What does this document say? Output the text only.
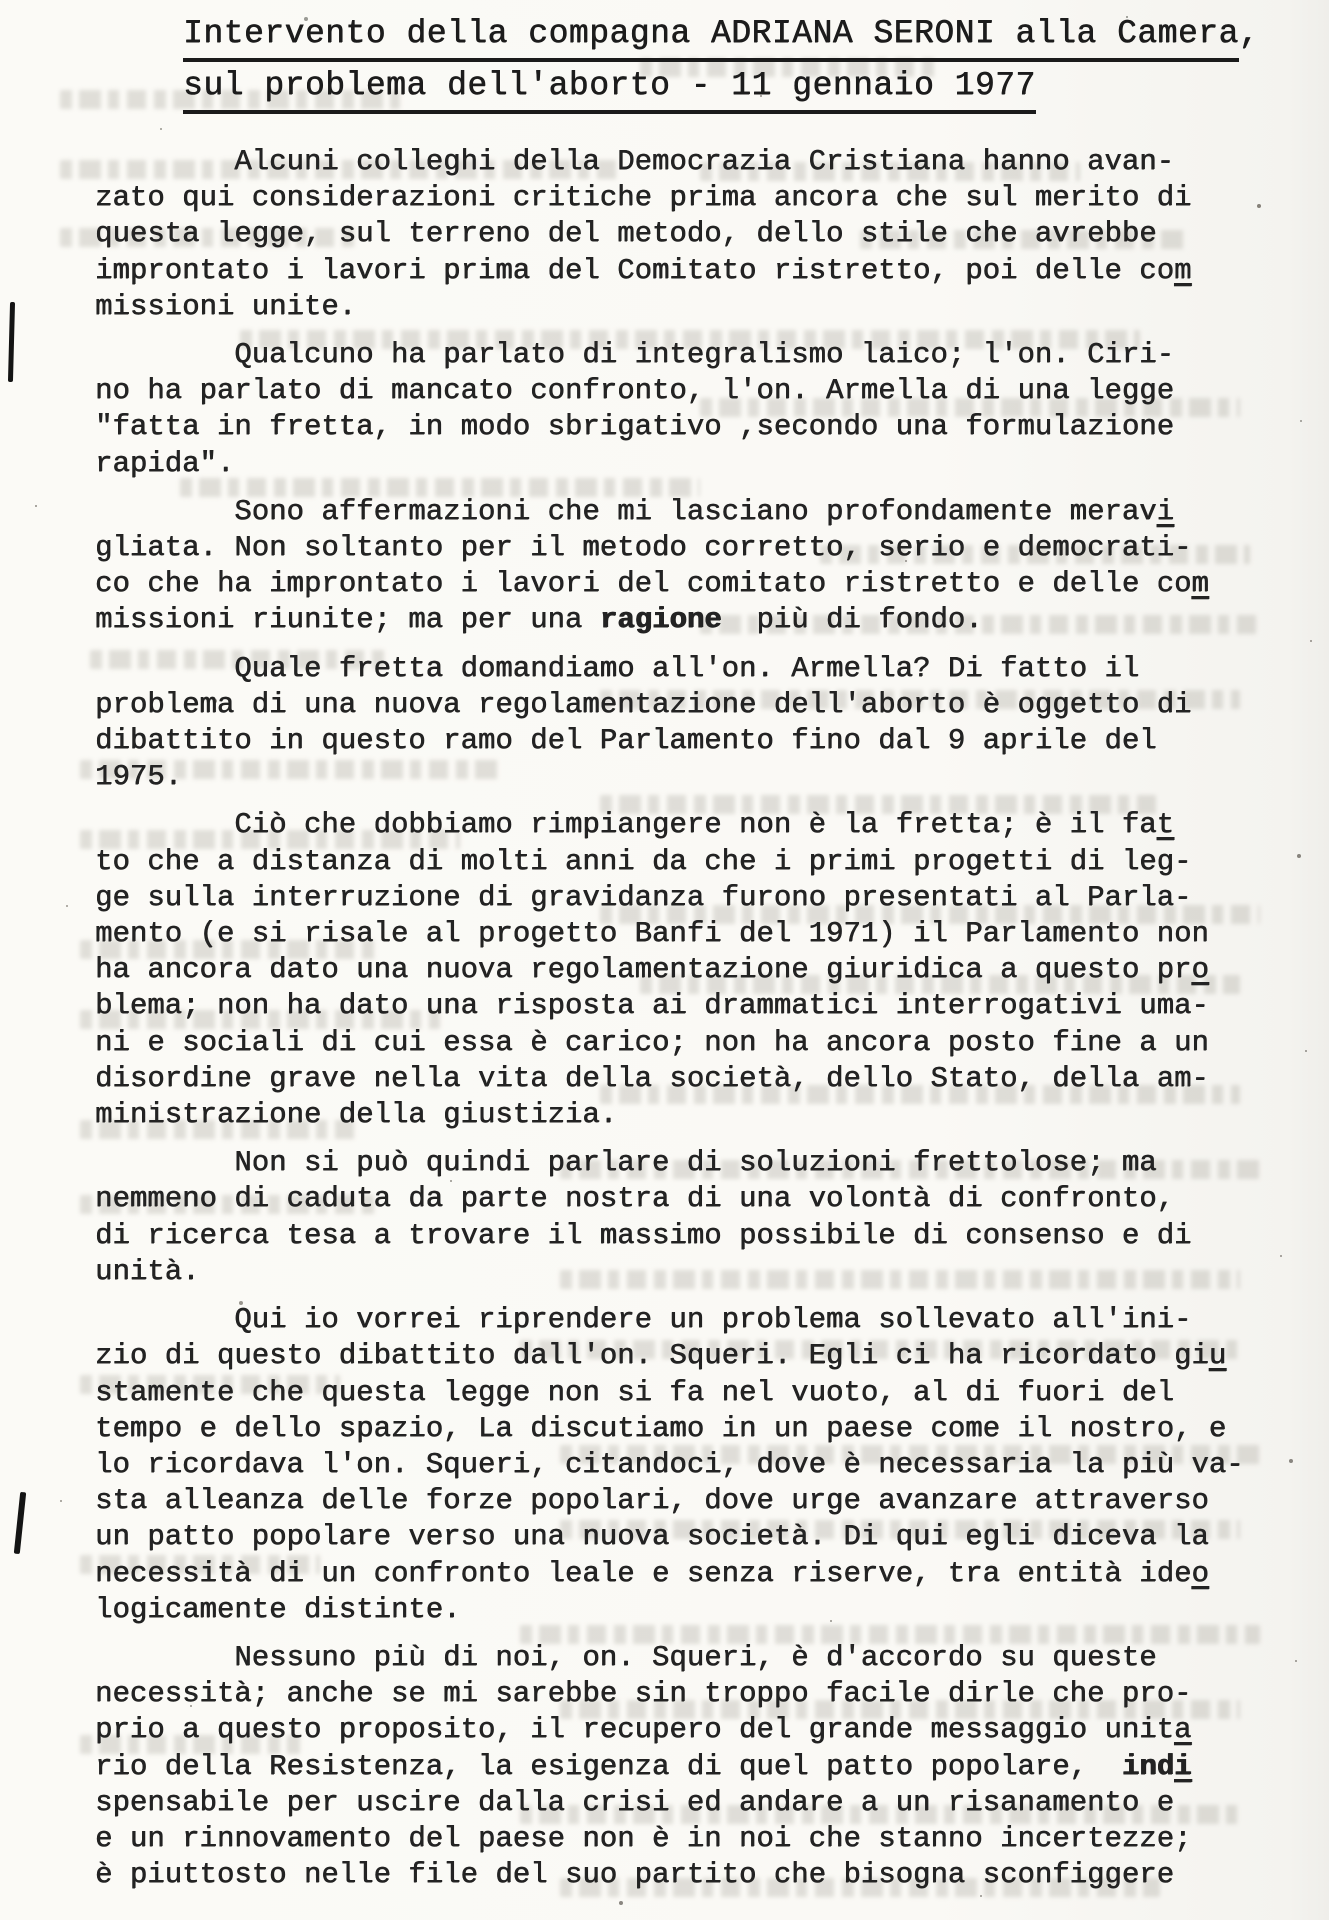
Intervento della compagna ADRIANA SERONI alla Camera,
sul problema dell'aborto - 11 gennaio 1977

Alcuni colleghi della Democrazia Cristiana hanno avan-
zato qui considerazioni critiche prima ancora che sul merito di
questa legge, sul terreno del metodo, dello stile che avrebbe
improntato i lavori prima del Comitato ristretto, poi delle com
missioni unite.

Qualcuno ha parlato di integralismo laico; l'on. Ciri-
no ha parlato di mancato confronto, l'on. Armella di una legge
"fatta in fretta, in modo sbrigativo ,secondo una formulazione
rapida".

Sono affermazioni che mi lasciano profondamente meravi
gliata. Non soltanto per il metodo corretto, serio e democrati-
co che ha improntato i lavori del comitato ristretto e delle com
missioni riunite; ma per una ragione  più di fondo.

Quale fretta domandiamo all'on. Armella? Di fatto il
problema di una nuova regolamentazione dell'aborto è oggetto di
dibattito in questo ramo del Parlamento fino dal 9 aprile del
1975.

Ciò che dobbiamo rimpiangere non è la fretta; è il fat
to che a distanza di molti anni da che i primi progetti di leg-
ge sulla interruzione di gravidanza furono presentati al Parla-
mento (e si risale al progetto Banfi del 1971) il Parlamento non
ha ancora dato una nuova regolamentazione giuridica a questo pro
blema; non ha dato una risposta ai drammatici interrogativi uma-
ni e sociali di cui essa è carico; non ha ancora posto fine a un
disordine grave nella vita della società, dello Stato, della am-
ministrazione della giustizia.

Non si può quindi parlare di soluzioni frettolose; ma
nemmeno di caduta da parte nostra di una volontà di confronto,
di ricerca tesa a trovare il massimo possibile di consenso e di
unità.

Qui io vorrei riprendere un problema sollevato all'ini-
zio di questo dibattito dall'on. Squeri. Egli ci ha ricordato giu
stamente che questa legge non si fa nel vuoto, al di fuori del
tempo e dello spazio, La discutiamo in un paese come il nostro, e
lo ricordava l'on. Squeri, citandoci, dove è necessaria la più va-
sta alleanza delle forze popolari, dove urge avanzare attraverso
un patto popolare verso una nuova società. Di qui egli diceva la
necessità di un confronto leale e senza riserve, tra entità ideo
logicamente distinte.

Nessuno più di noi, on. Squeri, è d'accordo su queste
necessità; anche se mi sarebbe sin troppo facile dirle che pro-
prio a questo proposito, il recupero del grande messaggio unita
rio della Resistenza, la esigenza di quel patto popolare,  indi
spensabile per uscire dalla crisi ed andare a un risanamento e
e un rinnovamento del paese non è in noi che stanno incertezze;
è piuttosto nelle file del suo partito che bisogna sconfiggere
